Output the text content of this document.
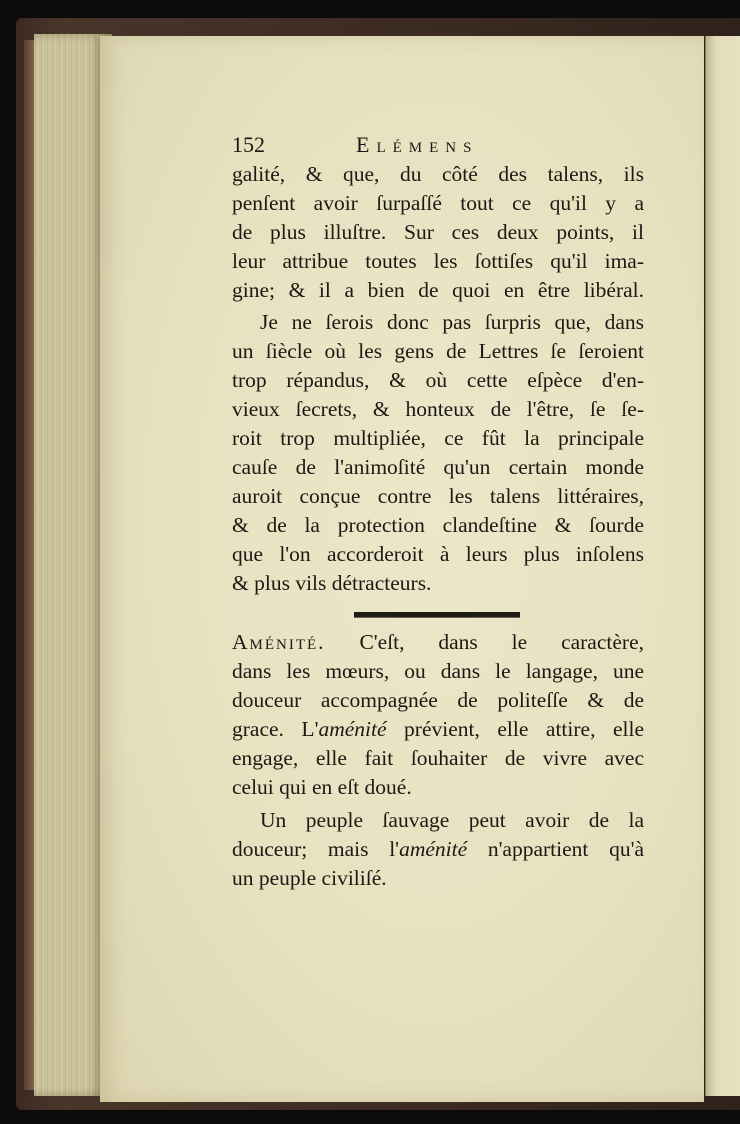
152	Elémens
galité, & que, du côté des talens, ils
penſent avoir ſurpaſſé tout ce qu'il y a
de plus illuſtre. Sur ces deux points, il
leur attribue toutes les ſottiſes qu'il ima-
gine; & il a bien de quoi en être libéral.
Je ne ſerois donc pas ſurpris que, dans
un ſiècle où les gens de Lettres ſe ſeroient
trop répandus, & où cette eſpèce d'en-
vieux ſecrets, & honteux de l'être, ſe ſe-
roit trop multipliée, ce fût la principale
cauſe de l'animoſité qu'un certain monde
auroit conçue contre les talens littéraires,
& de la protection clandeſtine & ſourde
que l'on accorderoit à leurs plus inſolens
& plus vils détracteurs.
Aménité. C'eſt, dans le caractère,
dans les mœurs, ou dans le langage, une
douceur accompagnée de politeſſe & de
grace. L'aménité prévient, elle attire, elle
engage, elle fait ſouhaiter de vivre avec
celui qui en eſt doué.
Un peuple ſauvage peut avoir de la
douceur; mais l'aménité n'appartient qu'à
un peuple civiliſé.
